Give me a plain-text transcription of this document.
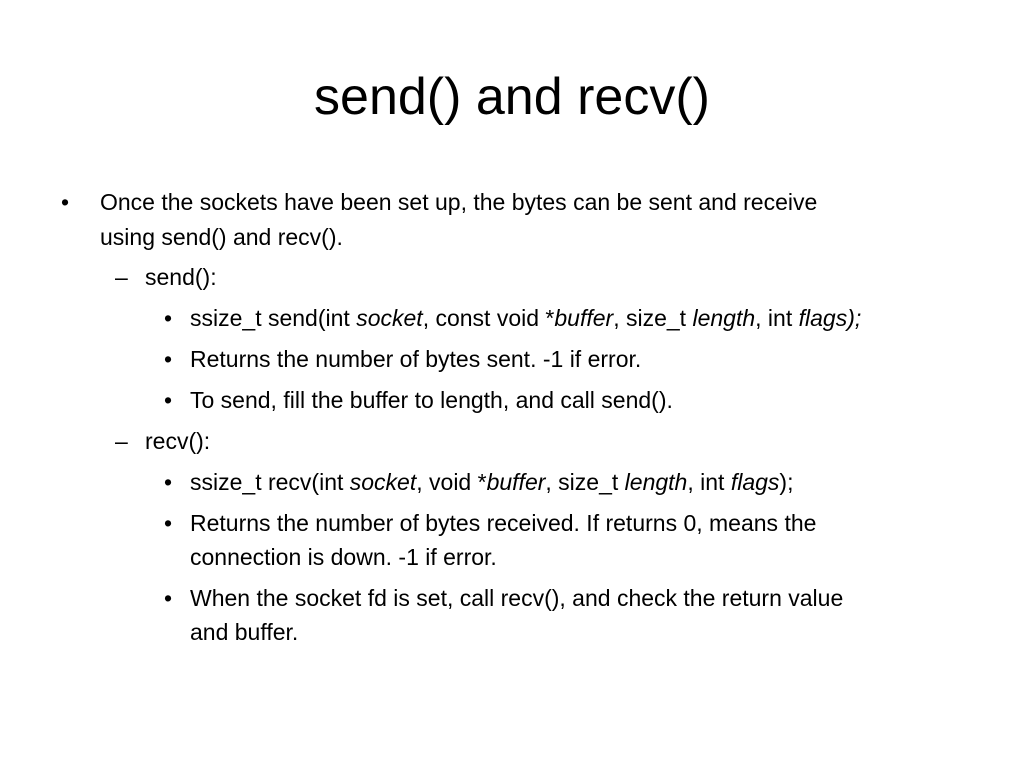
send() and recv()
• Once the sockets have been set up, the bytes can be sent and receive
using send() and recv().
– send():
• ssize_t send(int socket, const void *buffer, size_t length, int flags);
• Returns the number of bytes sent. -1 if error.
• To send, fill the buffer to length, and call send().
– recv():
• ssize_t recv(int socket, void *buffer, size_t length, int flags);
• Returns the number of bytes received. If returns 0, means the
connection is down. -1 if error.
• When the socket fd is set, call recv(), and check the return value
and buffer.
